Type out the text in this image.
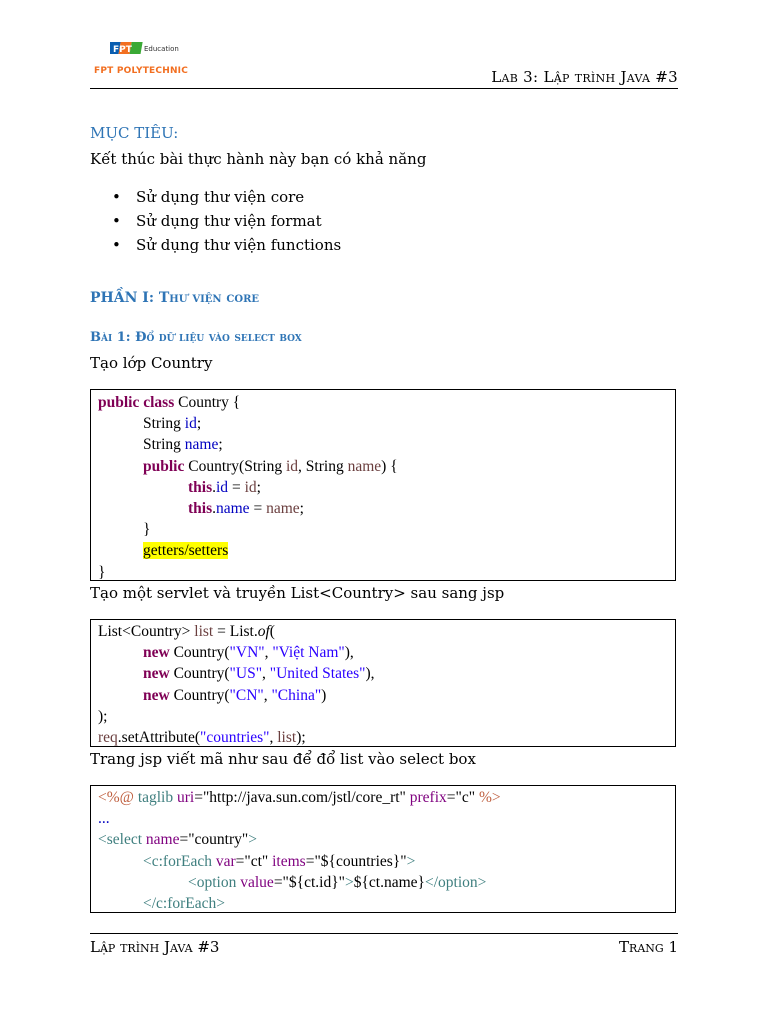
FPT Education
FPT POLYTECHNIC	Lab 3: Lập trình Java #3
MỤC TIÊU:
Kết thúc bài thực hành này bạn có khả năng
• Sử dụng thư viện core
• Sử dụng thư viện format
• Sử dụng thư viện functions
PHẦN I: Thư viện core
Bài 1: Đổ dữ liệu vào select box
Tạo lớp Country
public class Country {
String id;
String name;
public Country(String id, String name) {
this.id = id;
this.name = name;
}
getters/setters
}
Tạo một servlet và truyền List<Country> sau sang jsp
List<Country> list = List.of(
new Country("VN", "Việt Nam"),
new Country("US", "United States"),
new Country("CN", "China")
);
req.setAttribute("countries", list);
Trang jsp viết mã như sau để đổ list vào select box
<%@ taglib uri="http://java.sun.com/jstl/core_rt" prefix="c" %>
...
<select name="country">
<c:forEach var="ct" items="${countries}">
<option value="${ct.id}">${ct.name}</option>
</c:forEach>
Lập trình Java #3	Trang 1
